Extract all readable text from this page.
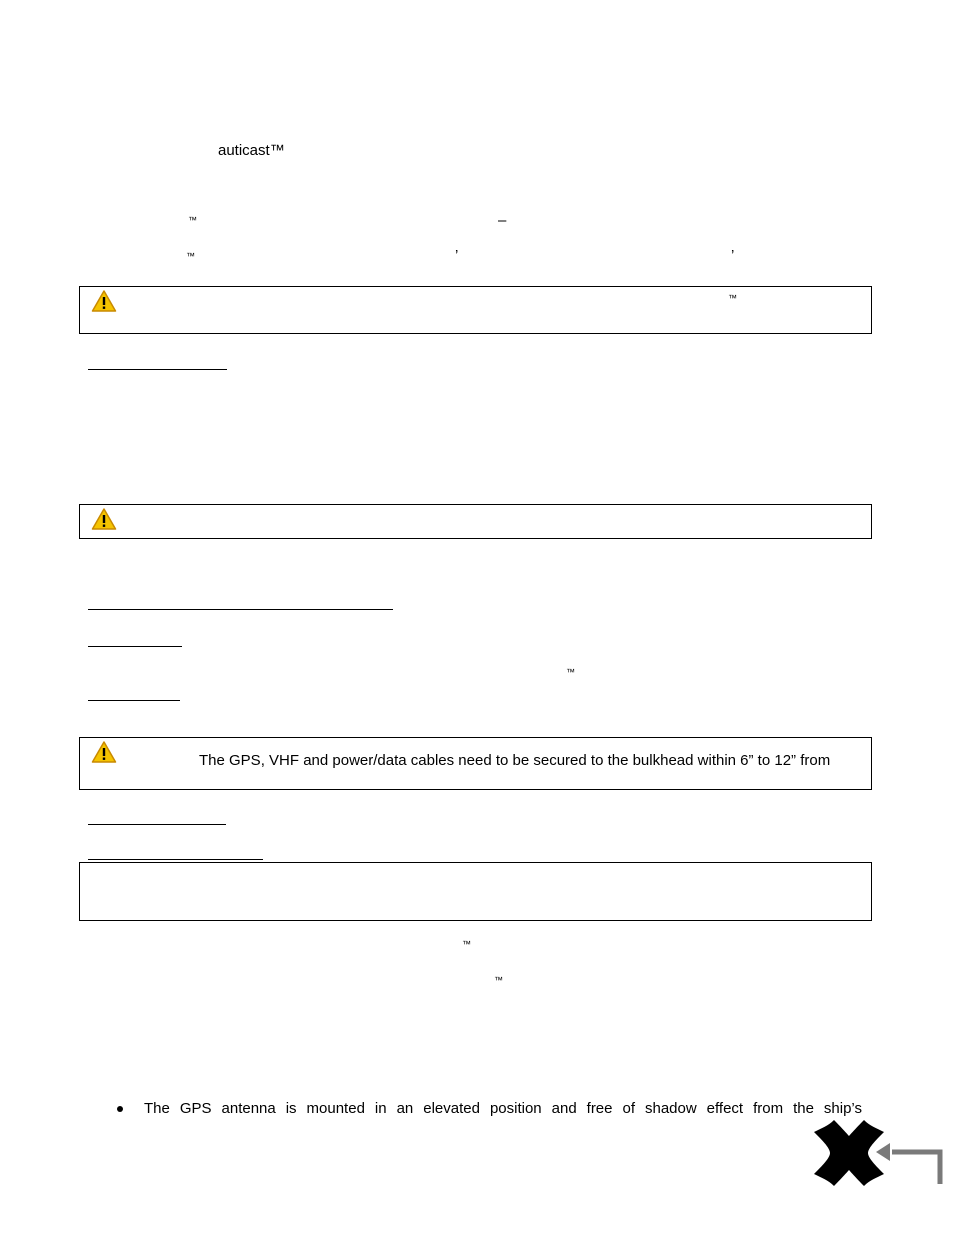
auticast™
™	–
™	’	’
™
™
The GPS, VHF and power/data cables need to be secured to the bulkhead within 6” to 12” from
™
™
The GPS antenna is mounted in an elevated position and free of shadow effect from the ship’s
